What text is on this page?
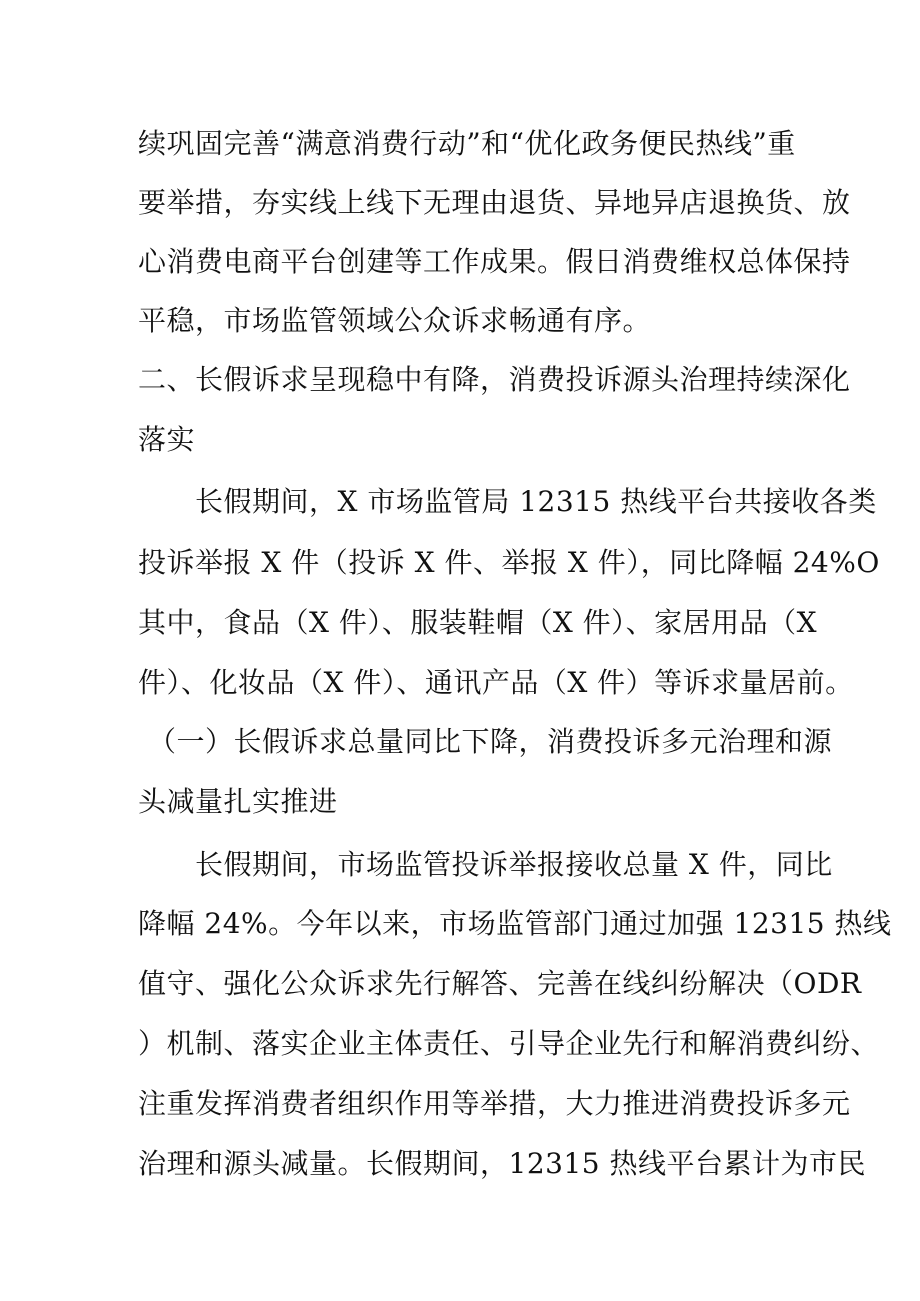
续巩固完善“满意消费行动”和“优化政务便民热线”重
要举措，夯实线上线下无理由退货、异地异店退换货、放
心消费电商平台创建等工作成果。假日消费维权总体保持
平稳，市场监管领域公众诉求畅通有序。
二、长假诉求呈现稳中有降，消费投诉源头治理持续深化
落实
长假期间，X 市场监管局 12315 热线平台共接收各类
投诉举报 X 件（投诉 X 件、举报 X 件），同比降幅 24%O
其中，食品（X 件）、服装鞋帽（X 件）、家居用品（X
件）、化妆品（X 件）、通讯产品（X 件）等诉求量居前。
（一）长假诉求总量同比下降，消费投诉多元治理和源
头减量扎实推进
长假期间，市场监管投诉举报接收总量 X 件，同比
降幅 24%。今年以来，市场监管部门通过加强 12315 热线
值守、强化公众诉求先行解答、完善在线纠纷解决（ODR
）机制、落实企业主体责任、引导企业先行和解消费纠纷、
注重发挥消费者组织作用等举措，大力推进消费投诉多元
治理和源头减量。长假期间，12315 热线平台累计为市民
